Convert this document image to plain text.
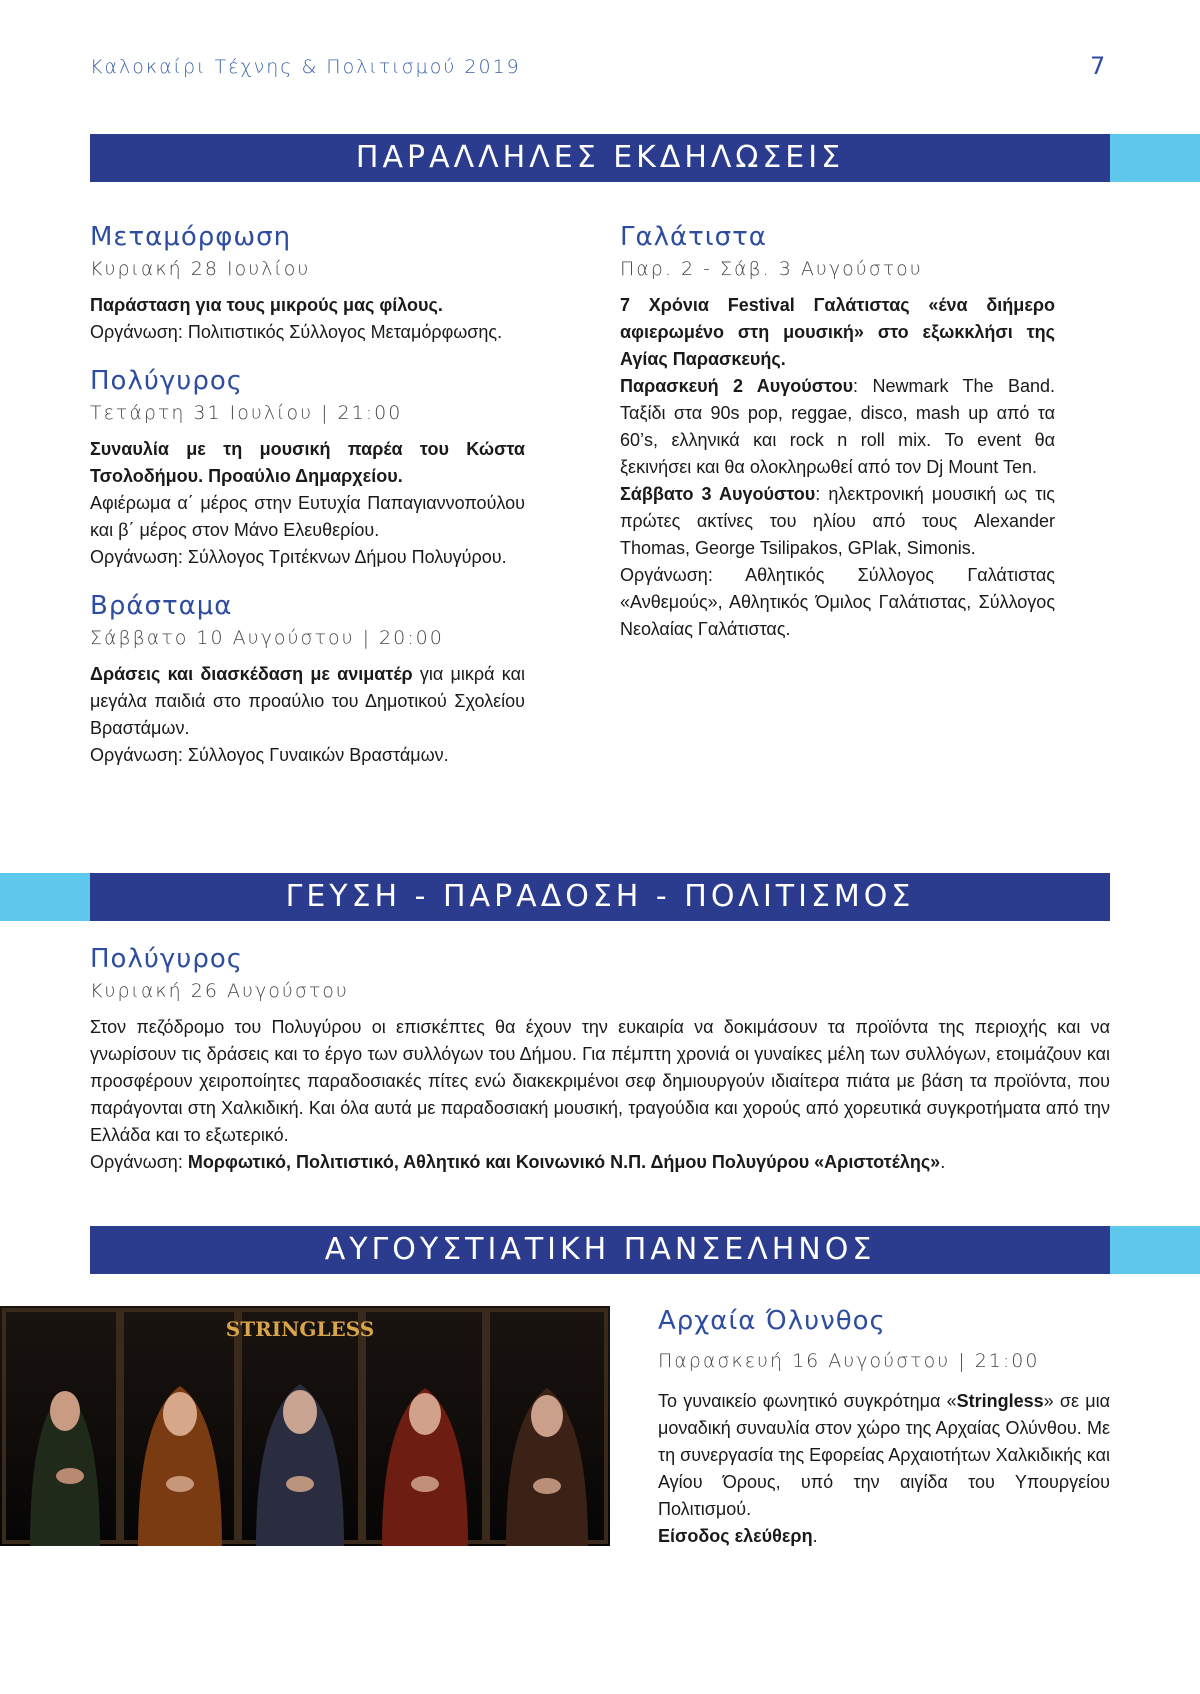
Καλοκαίρι Τέχνης & Πολιτισμού 2019	7
ΠΑΡΑΛΛΗΛΕΣ ΕΚΔΗΛΩΣΕΙΣ
Μεταμόρφωση
Κυριακή 28 Ιουλίου

Παράσταση για τους μικρούς μας φίλους.
Οργάνωση: Πολιτιστικός Σύλλογος Μεταμόρφωσης.

Πολύγυρος
Τετάρτη 31 Ιουλίου | 21:00

Συναυλία με τη μουσική παρέα του Κώστα Τσολοδήμου. Προαύλιο Δημαρχείου.
Αφιέρωμα α΄ μέρος στην Ευτυχία Παπαγιαννοπούλου και β΄ μέρος στον Μάνο Ελευθερίου.
Οργάνωση: Σύλλογος Τριτέκνων Δήμου Πολυγύρου.

Βράσταμα
Σάββατο 10 Αυγούστου | 20:00

Δράσεις και διασκέδαση με ανιματέρ για μικρά και μεγάλα παιδιά στο προαύλιο του Δημοτικού Σχολείου Βραστάμων.
Οργάνωση: Σύλλογος Γυναικών Βραστάμων.

Γαλάτιστα
Παρ. 2 - Σάβ. 3 Αυγούστου

7 Χρόνια Festival Γαλάτιστας «ένα διήμερο αφιερωμένο στη μουσική» στο εξωκκλήσι της Αγίας Παρασκευής.
Παρασκευή 2 Αυγούστου: Newmark The Band. Ταξίδι στα 90s pop, reggae, disco, mash up από τα 60’s, ελληνικά και rock n roll mix. Το event θα ξεκινήσει και θα ολοκληρωθεί από τον Dj Mount Ten.
Σάββατο 3 Αυγούστου: ηλεκτρονική μουσική ως τις πρώτες ακτίνες του ηλίου από τους Alexander Thomas, George Tsilipakos, GPlak, Simonis.
Οργάνωση: Αθλητικός Σύλλογος Γαλάτιστας «Ανθεμούς», Αθλητικός Όμιλος Γαλάτιστας, Σύλλογος Νεολαίας Γαλάτιστας.

ΓΕΥΣΗ - ΠΑΡΑΔΟΣΗ - ΠΟΛΙΤΙΣΜΟΣ
Πολύγυρος
Κυριακή 26 Αυγούστου

Στον πεζόδρομο του Πολυγύρου οι επισκέπτες θα έχουν την ευκαιρία να δοκιμάσουν τα προϊόντα της περιοχής και να γνωρίσουν τις δράσεις και το έργο των συλλόγων του Δήμου. Για πέμπτη χρονιά οι γυναίκες μέλη των συλλόγων, ετοιμάζουν και προσφέρουν χειροποίητες παραδοσιακές πίτες ενώ διακεκριμένοι σεφ δημιουργούν ιδιαίτερα πιάτα με βάση τα προϊόντα, που παράγονται στη Χαλκιδική. Και όλα αυτά με παραδοσιακή μουσική, τραγούδια και χορούς από χορευτικά συγκροτήματα από την Ελλάδα και το εξωτερικό.
Οργάνωση: Μορφωτικό, Πολιτιστικό, Αθλητικό και Κοινωνικό Ν.Π. Δήμου Πολυγύρου «Αριστοτέλης».

ΑΥΓΟΥΣΤΙΑΤΙΚΗ ΠΑΝΣΕΛΗΝΟΣ
STRINGLESS	Αρχαία Όλυνθος
Παρασκευή 16 Αυγούστου | 21:00

Το γυναικείο φωνητικό συγκρότημα «Stringless» σε μια μοναδική συναυλία στον χώρο της Αρχαίας Ολύνθου. Με τη συνεργασία της Εφορείας Αρχαιοτήτων Χαλκιδικής και Αγίου Όρους, υπό την αιγίδα του Υπουργείου Πολιτισμού.
Είσοδος ελεύθερη.
